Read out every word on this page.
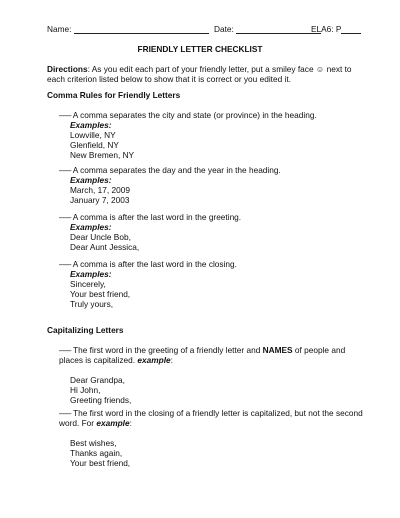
Name:	Date:	ELA6: P
FRIENDLY LETTER CHECKLIST
Directions: As you edit each part of your friendly letter, put a smiley face ☺ next to each criterion listed below to show that it is correct or you edited it.
Comma Rules for Friendly Letters
—– A comma separates the city and state (or province) in the heading.
Examples:
Lowville, NY
Glenfield, NY
New Bremen, NY
—– A comma separates the day and the year in the heading.
Examples:
March, 17, 2009
January 7, 2003
—– A comma is after the last word in the greeting.
Examples:
Dear Uncle Bob,
Dear Aunt Jessica,
—– A comma is after the last word in the closing.
Examples:
Sincerely,
Your best friend,
Truly yours,
Capitalizing Letters
—– The first word in the greeting of a friendly letter and NAMES of people and places is capitalized. example:
Dear Grandpa,
Hi John,
Greeting friends,
—– The first word in the closing of a friendly letter is capitalized, but not the second word. For example:
Best wishes,
Thanks again,
Your best friend,
